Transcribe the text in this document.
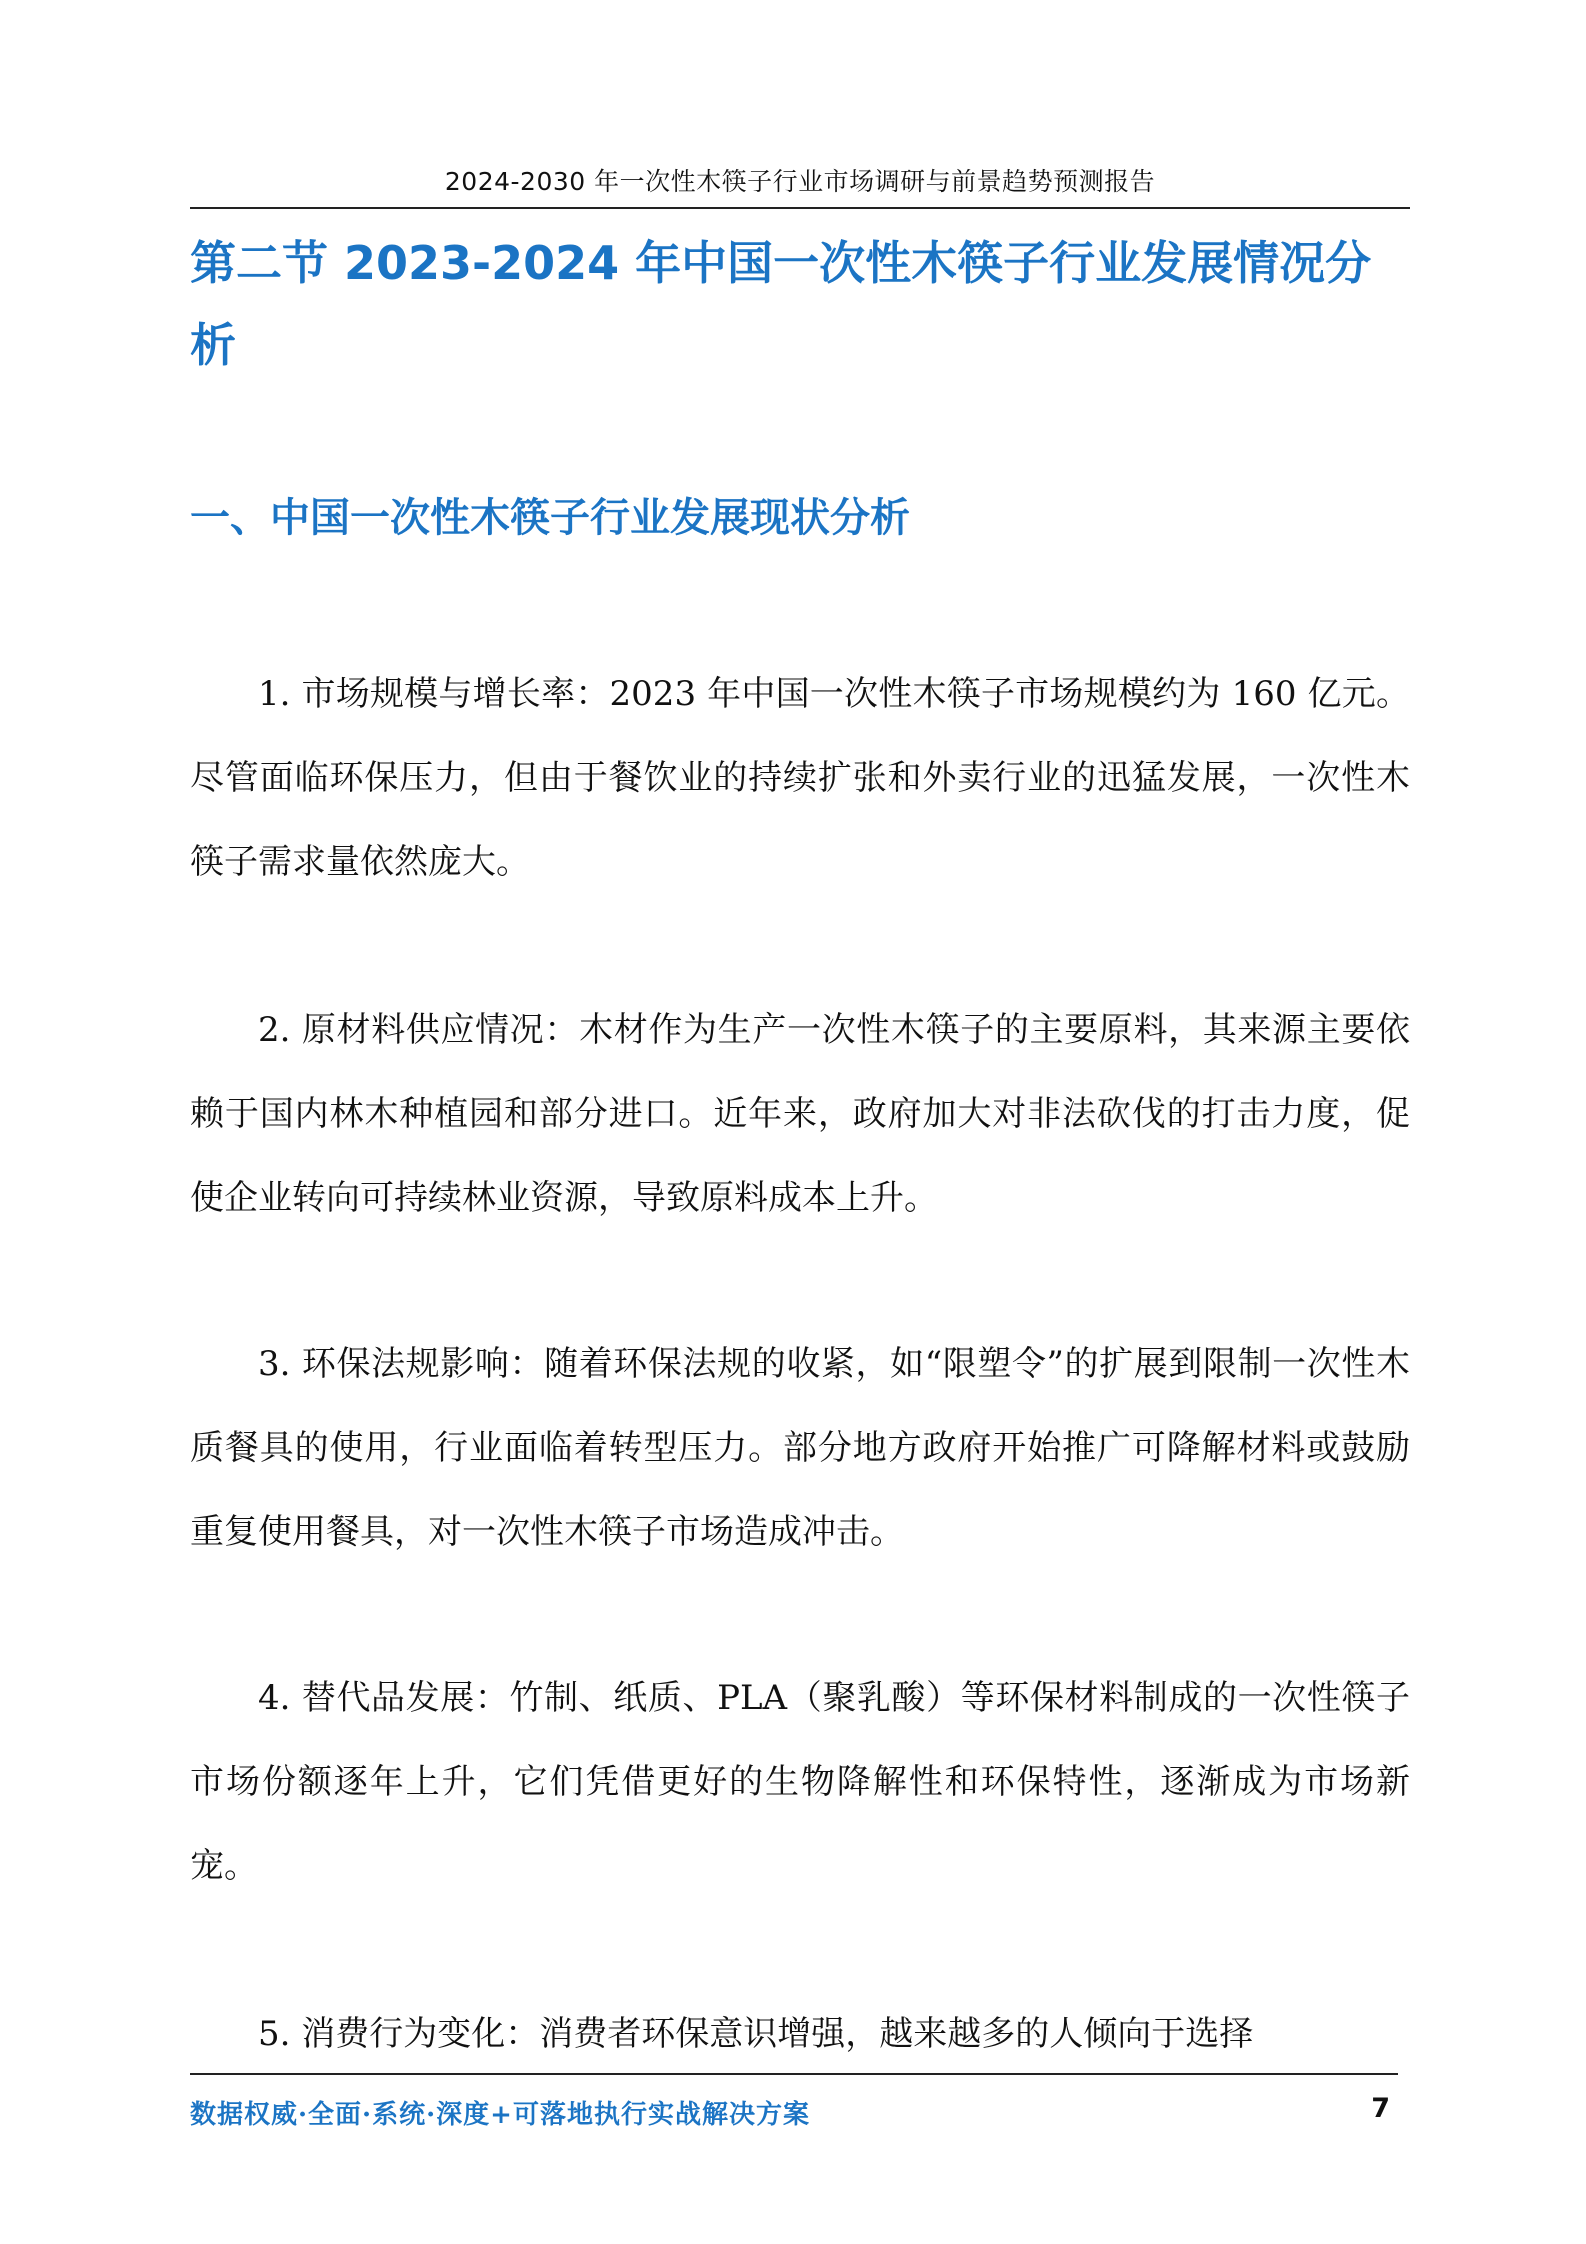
2024-2030 年一次性木筷子行业市场调研与前景趋势预测报告
第二节 2023-2024 年中国一次性木筷子行业发展情况分析
一、中国一次性木筷子行业发展现状分析

1. 市场规模与增长率：2023 年中国一次性木筷子市场规模约为 160 亿元。尽管面临环保压力，但由于餐饮业的持续扩张和外卖行业的迅猛发展，一次性木筷子需求量依然庞大。

2. 原材料供应情况：木材作为生产一次性木筷子的主要原料，其来源主要依赖于国内林木种植园和部分进口。近年来，政府加大对非法砍伐的打击力度，促使企业转向可持续林业资源，导致原料成本上升。

3. 环保法规影响：随着环保法规的收紧，如“限塑令”的扩展到限制一次性木质餐具的使用，行业面临着转型压力。部分地方政府开始推广可降解材料或鼓励重复使用餐具，对一次性木筷子市场造成冲击。

4. 替代品发展：竹制、纸质、PLA（聚乳酸）等环保材料制成的一次性筷子市场份额逐年上升，它们凭借更好的生物降解性和环保特性，逐渐成为市场新宠。

5. 消费行为变化：消费者环保意识增强，越来越多的人倾向于选择

数据权威·全面·系统·深度+可落地执行实战解决方案	7
